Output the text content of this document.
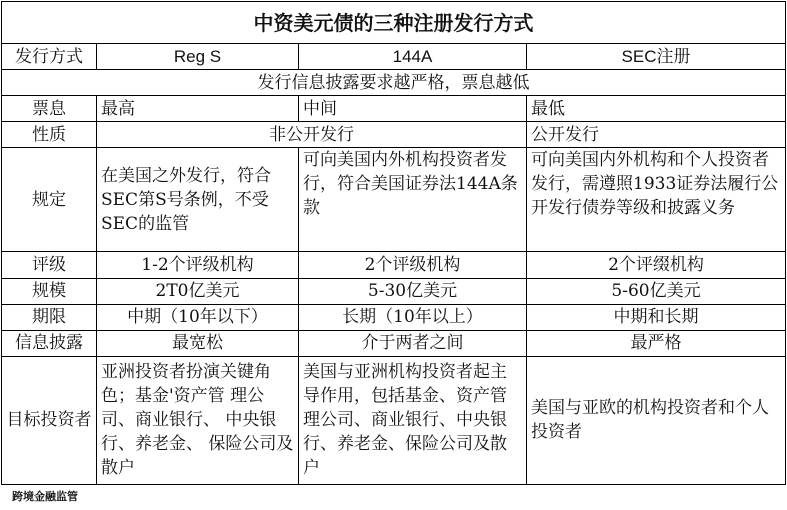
中资美元债的三种注册发行方式			
发行方式	Reg S	144A	SEC注册
发行信息披露要求越严格，票息越低			
票息	最高	中间	最低
性质	非公开发行		公开发行
规定	在美国之外发行，符合SEC第S号条例，不受SEC的监管	可向美国内外机构投资者发行，符合美国证券法144A条款	可向美国内外机构和个人投资者发行，需遵照1933证券法履行公开发行债券等级和披露义务
评级	1-2个评级机构	2个评级机构	2个评缀机构
规模	2T0亿美元	5-30亿美元	5-60亿美元
期限	中期（10年以下）	长期（10年以上）	中期和长期
信息披露	最宽松	介于两者之间	最严格
目标投资者	亚洲投资者扮演关键角色；基金'资产管 理公司、商业银行、 中央银行、养老金、 保险公司及散户	美国与亚洲机构投资者起主导作用，包括基金、资产管理公司、商业银行、中央银行、养老金、保险公司及散户	美国与亚欧的机构投资者和个人投资者
跨境金融监管
